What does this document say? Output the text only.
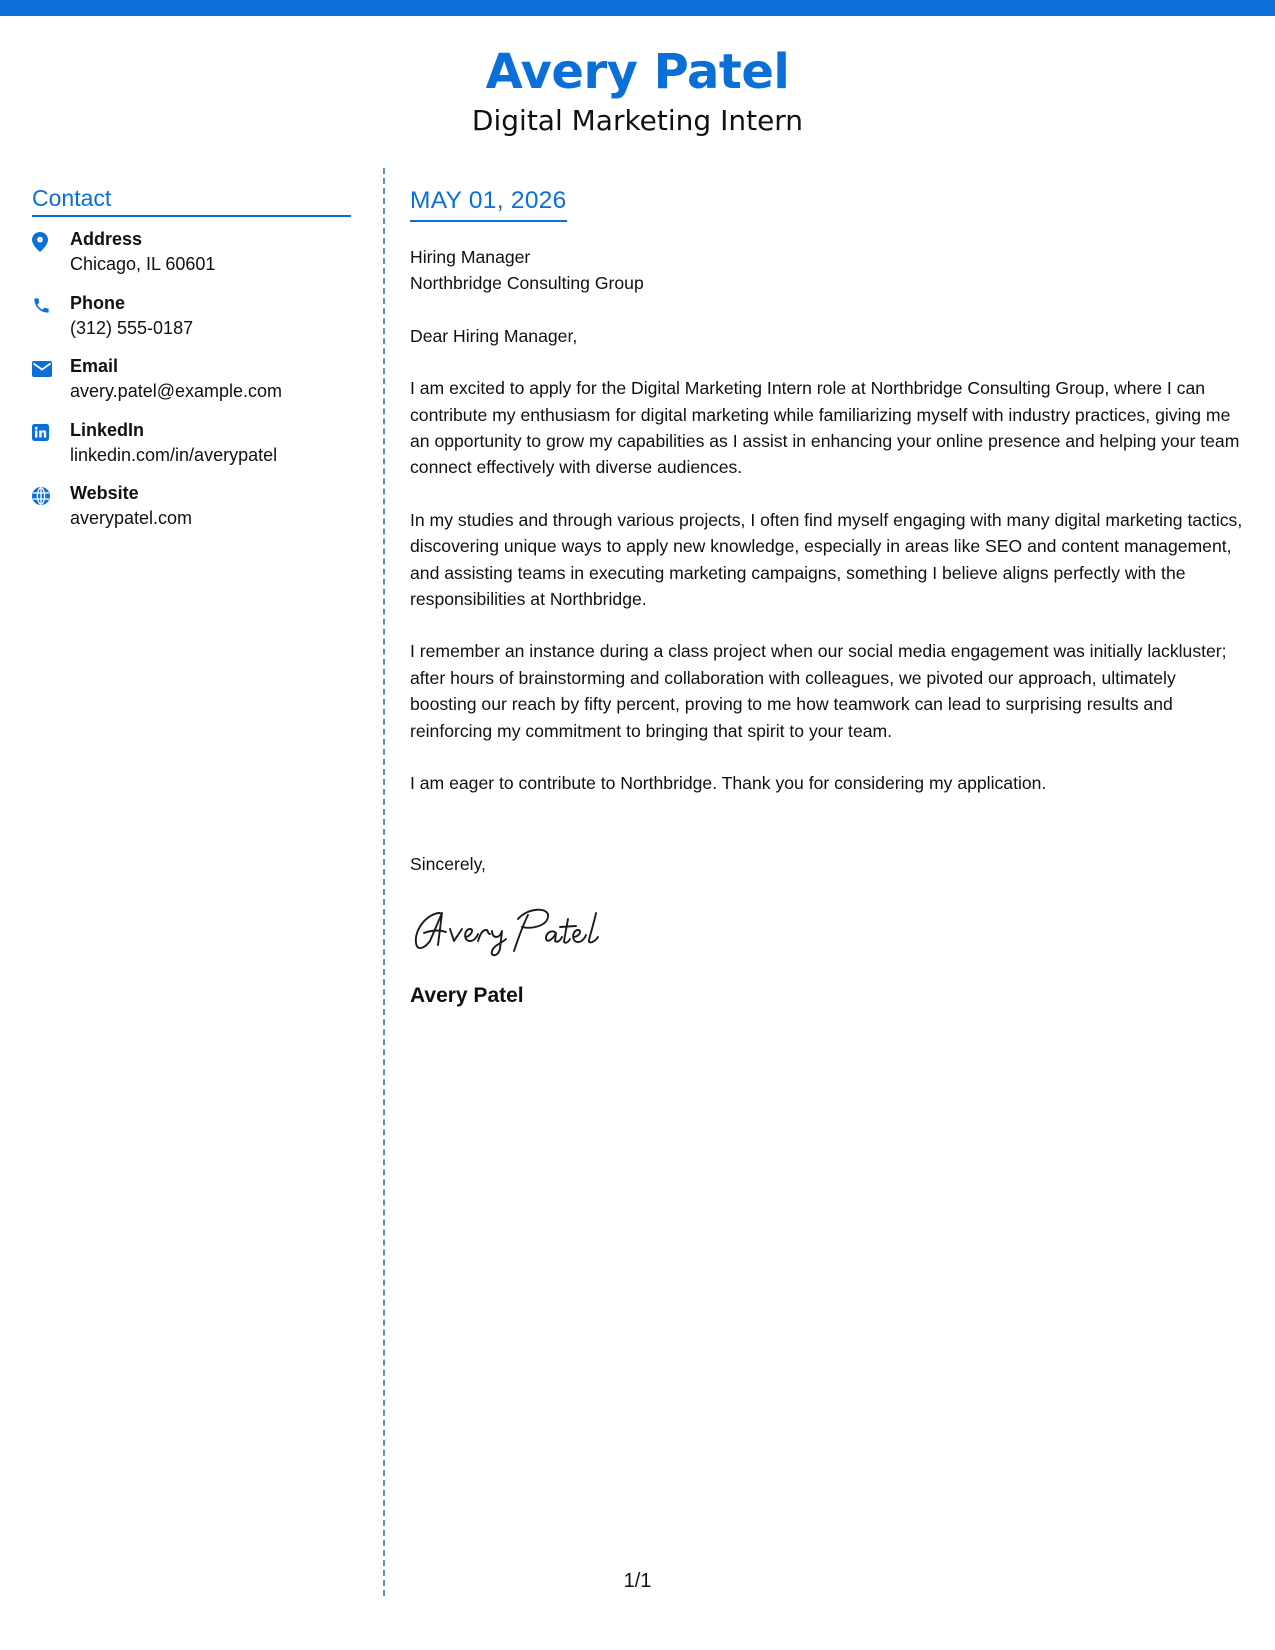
Avery Patel
Digital Marketing Intern
Contact
Address
Chicago, IL 60601
Phone
(312) 555-0187
Email
avery.patel@example.com
LinkedIn
linkedin.com/in/averypatel
Website
averypatel.com
MAY 01, 2026
Hiring Manager
Northbridge Consulting Group
Dear Hiring Manager,
I am excited to apply for the Digital Marketing Intern role at Northbridge Consulting Group, where I can contribute my enthusiasm for digital marketing while familiarizing myself with industry practices, giving me an opportunity to grow my capabilities as I assist in enhancing your online presence and helping your team connect effectively with diverse audiences.
In my studies and through various projects, I often find myself engaging with many digital marketing tactics, discovering unique ways to apply new knowledge, especially in areas like SEO and content management, and assisting teams in executing marketing campaigns, something I believe aligns perfectly with the responsibilities at Northbridge.
I remember an instance during a class project when our social media engagement was initially lackluster; after hours of brainstorming and collaboration with colleagues, we pivoted our approach, ultimately boosting our reach by fifty percent, proving to me how teamwork can lead to surprising results and reinforcing my commitment to bringing that spirit to your team.
I am eager to contribute to Northbridge. Thank you for considering my application.
Sincerely,
Avery Patel
1/1
